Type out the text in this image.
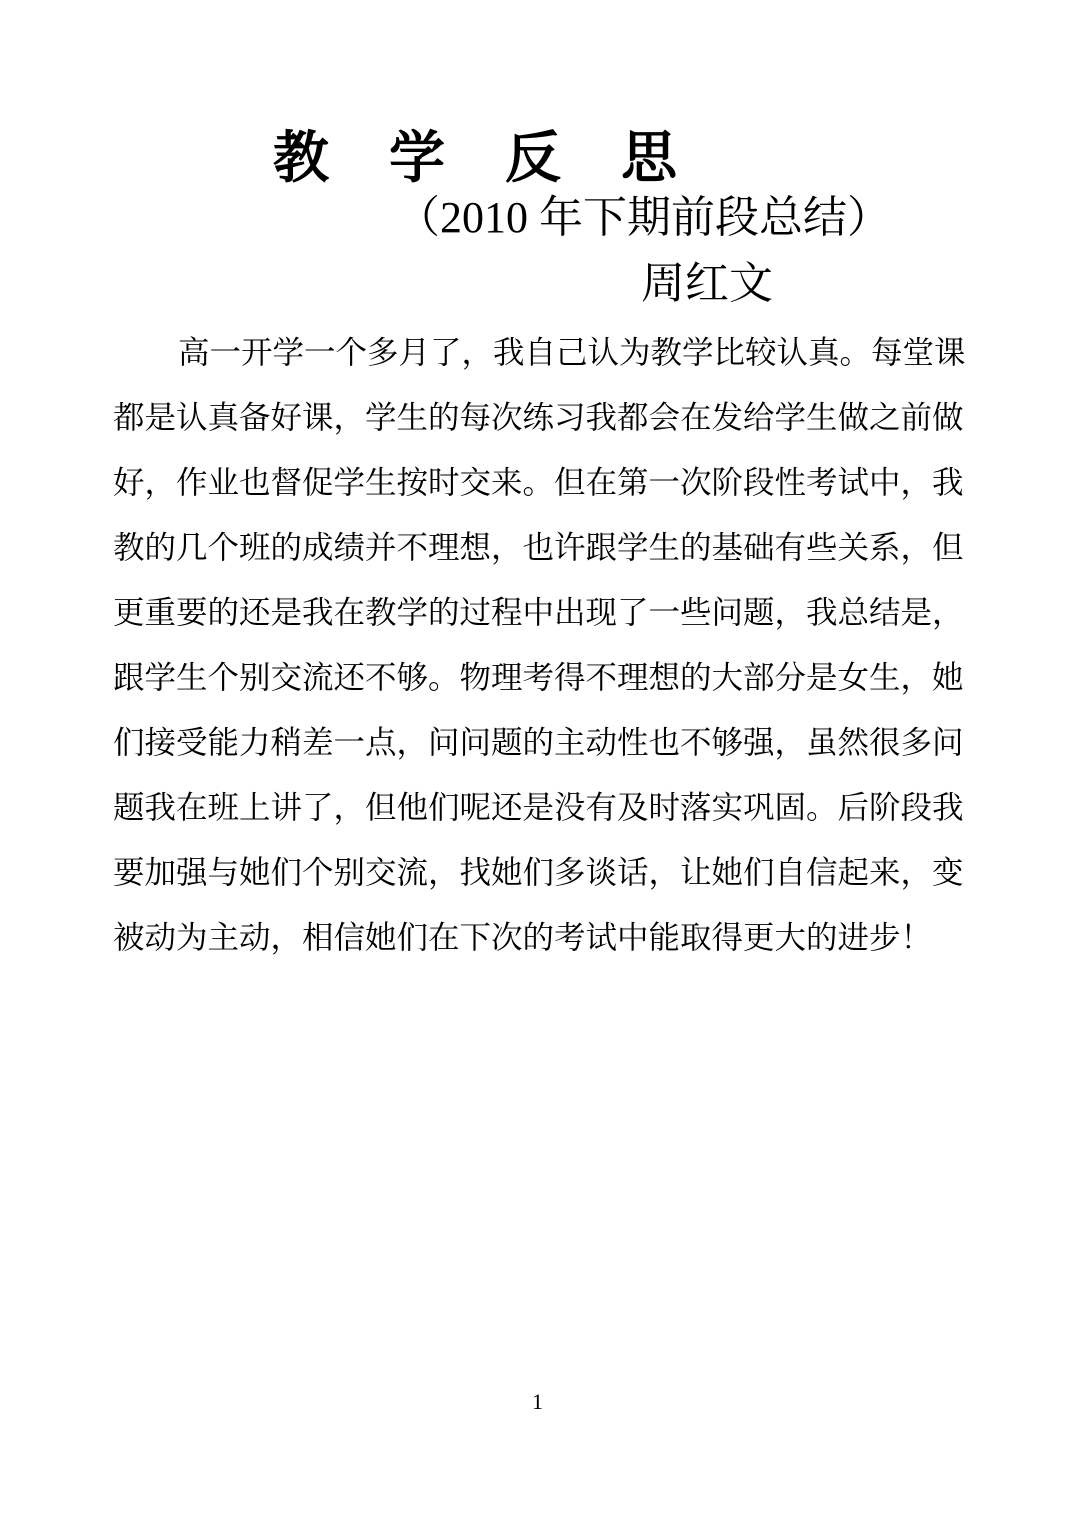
教　学　反　思
（2010 年下期前段总结）
周红文
高一开学一个多月了，我自己认为教学比较认真。每堂课
都是认真备好课，学生的每次练习我都会在发给学生做之前做
好，作业也督促学生按时交来。但在第一次阶段性考试中，我
教的几个班的成绩并不理想，也许跟学生的基础有些关系，但
更重要的还是我在教学的过程中出现了一些问题，我总结是，
跟学生个别交流还不够。物理考得不理想的大部分是女生，她
们接受能力稍差一点，问问题的主动性也不够强，虽然很多问
题我在班上讲了，但他们呢还是没有及时落实巩固。后阶段我
要加强与她们个别交流，找她们多谈话，让她们自信起来，变
被动为主动，相信她们在下次的考试中能取得更大的进步！
1
